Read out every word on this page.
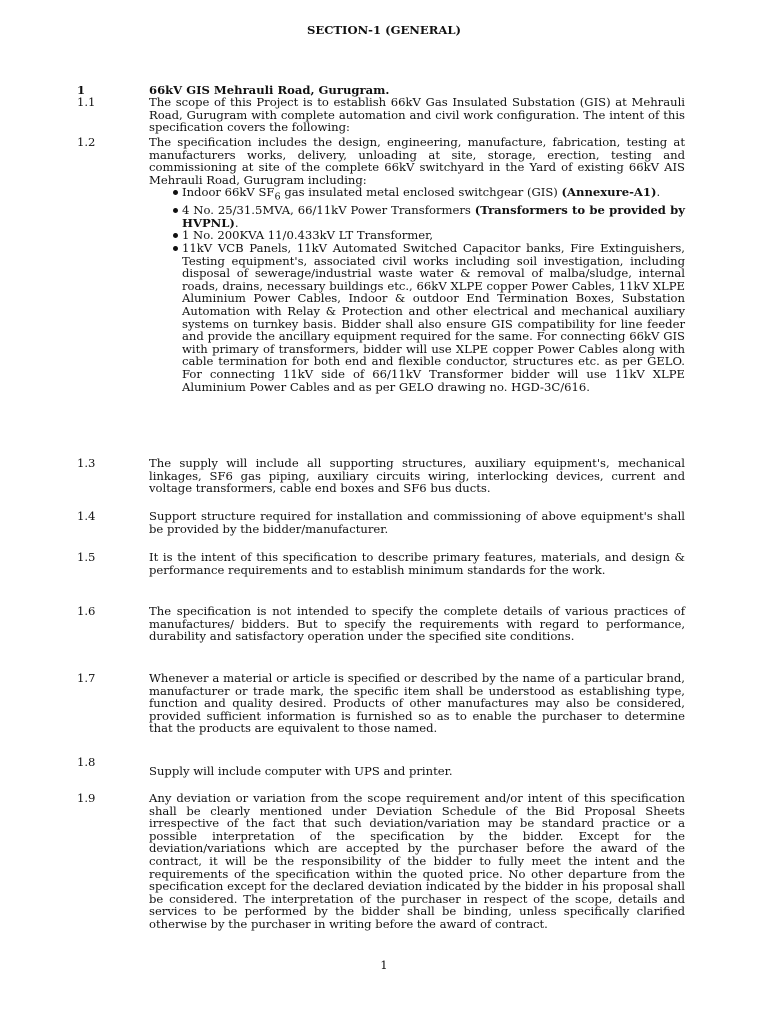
SECTION-1 (GENERAL)
1	66kV GIS Mehrauli Road, Gurugram.
1.1	The scope of this Project is to establish 66kV Gas Insulated Substation (GIS) at Mehrauli Road, Gurugram with complete automation and civil work configuration. The intent of this specification covers the following:
1.2	The specification includes the design, engineering, manufacture, fabrication, testing at manufacturers works, delivery, unloading at site, storage, erection, testing and commissioning at site of the complete 66kV switchyard in the Yard of existing 66kV AIS Mehrauli Road, Gurugram including:

Indoor 66kV $SF_6$ gas insulated metal enclosed switchgear (GIS) (Annexure-A1).
4 No. 25/31.5MVA, 66/11kV Power Transformers (Transformers to be provided by HVPNL).
1 No. 200KVA 11/0.433kV LT Transformer,
11kV VCB Panels, 11kV Automated Switched Capacitor banks, Fire Extinguishers, Testing equipment's, associated civil works including soil investigation, including disposal of sewerage/industrial waste water & removal of malba/sludge, internal roads, drains, necessary buildings etc., 66kV XLPE copper Power Cables, 11kV XLPE Aluminium Power Cables, Indoor & outdoor End Termination Boxes, Substation Automation with Relay & Protection and other electrical and mechanical auxiliary systems on turnkey basis. Bidder shall also ensure GIS compatibility for line feeder and provide the ancillary equipment required for the same. For connecting 66kV GIS with primary of transformers, bidder will use XLPE copper Power Cables along with cable termination for both end and flexible conductor, structures etc. as per GELO. For connecting 11kV side of 66/11kV Transformer bidder will use 11kV XLPE Aluminium Power Cables and as per GELO drawing no. HGD-3C/616.
1.3	The supply will include all supporting structures, auxiliary equipment's, mechanical linkages, SF6 gas piping, auxiliary circuits wiring, interlocking devices, current and voltage transformers, cable end boxes and SF6 bus ducts.
1.4	Support structure required for installation and commissioning of above equipment's shall be provided by the bidder/manufacturer.
1.5	It is the intent of this specification to describe primary features, materials, and design & performance requirements and to establish minimum standards for the work.
1.6	The specification is not intended to specify the complete details of various practices of manufactures/ bidders. But to specify the requirements with regard to performance, durability and satisfactory operation under the specified site conditions.
1.7	Whenever a material or article is specified or described by the name of a particular brand, manufacturer or trade mark, the specific item shall be understood as establishing type, function and quality desired. Products of other manufactures may also be considered, provided sufficient information is furnished so as to enable the purchaser to determine that the products are equivalent to those named.
1.8
Supply will include computer with UPS and printer.
1.9	Any deviation or variation from the scope requirement and/or intent of this specification shall be clearly mentioned under Deviation Schedule of the Bid Proposal Sheets irrespective of the fact that such deviation/variation may be standard practice or a possible interpretation of the specification by the bidder. Except for the deviation/variations which are accepted by the purchaser before the award of the contract, it will be the responsibility of the bidder to fully meet the intent and the requirements of the specification within the quoted price. No other departure from the specification except for the declared deviation indicated by the bidder in his proposal shall be considered. The interpretation of the purchaser in respect of the scope, details and services to be performed by the bidder shall be binding, unless specifically clarified otherwise by the purchaser in writing before the award of contract.
1
